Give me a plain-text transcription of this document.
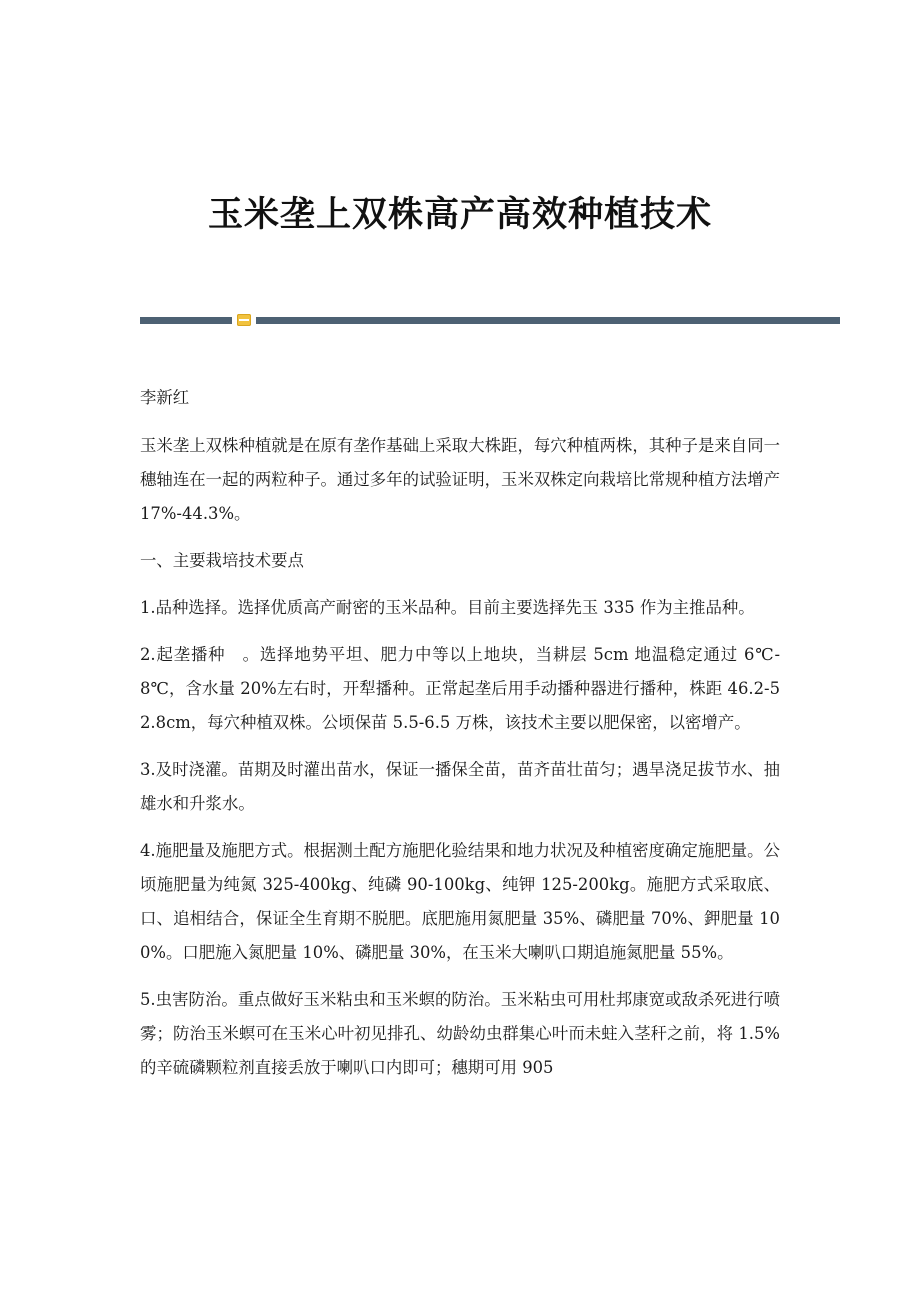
玉米垄上双株高产高效种植技术

李新红

玉米垄上双株种植就是在原有垄作基础上采取大株距，每穴种植两株，其种子是来自同一穗轴连在一起的两粒种子。通过多年的试验证明，玉米双株定向栽培比常规种植方法增产 17%-44.3%。

一、主要栽培技术要点

1.品种选择。选择优质高产耐密的玉米品种。目前主要选择先玉 335 作为主推品种。

2.起垄播种　。选择地势平坦、肥力中等以上地块，当耕层 5cm 地温稳定通过 6℃-8℃，含水量 20%左右时，开犁播种。正常起垄后用手动播种器进行播种，株距 46.2-52.8cm，每穴种植双株。公顷保苗 5.5-6.5 万株，该技术主要以肥保密，以密增产。

3.及时浇灌。苗期及时灌出苗水，保证一播保全苗，苗齐苗壮苗匀；遇旱浇足拔节水、抽雄水和升浆水。

4.施肥量及施肥方式。根据测土配方施肥化验结果和地力状况及种植密度确定施肥量。公顷施肥量为纯氮 325-400kg、纯磷 90-100kg、纯钾 125-200kg。施肥方式采取底、口、追相结合，保证全生育期不脱肥。底肥施用氮肥量 35%、磷肥量 70%、鉀肥量 100%。口肥施入氮肥量 10%、磷肥量 30%，在玉米大喇叭口期追施氮肥量 55%。

5.虫害防治。重点做好玉米粘虫和玉米螟的防治。玉米粘虫可用杜邦康宽或敌杀死进行喷雾；防治玉米螟可在玉米心叶初见排孔、幼龄幼虫群集心叶而未蛀入茎秆之前，将 1.5%的辛硫磷颗粒剂直接丢放于喇叭口内即可；穗期可用 905
